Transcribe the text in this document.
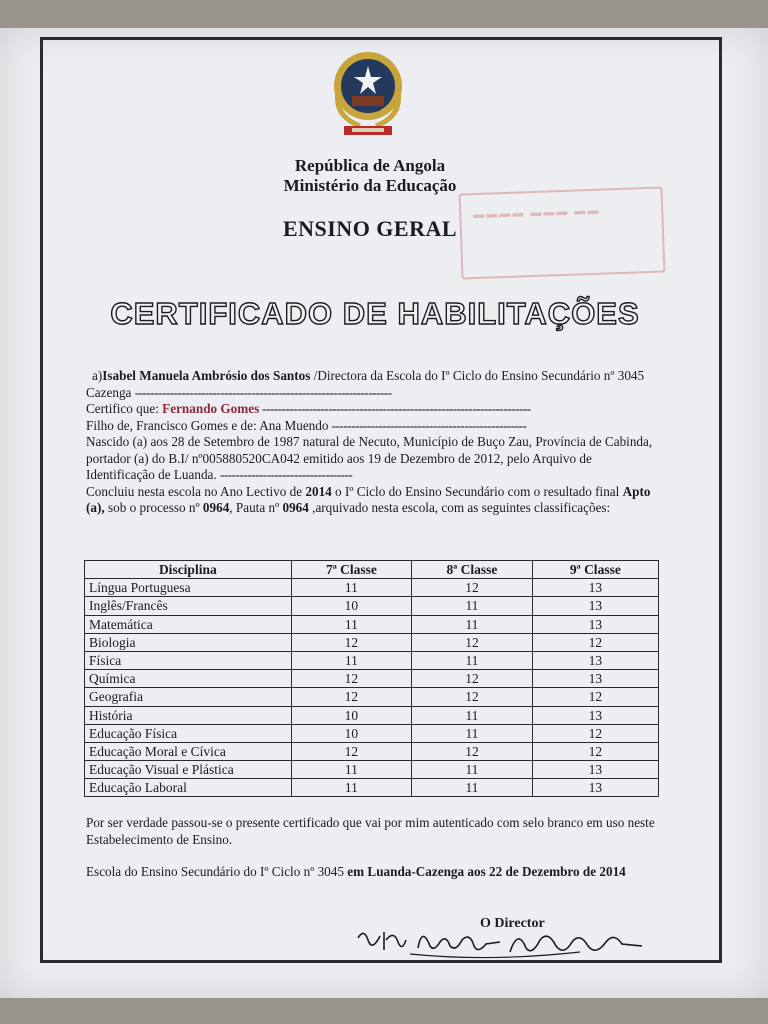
▬▬▬▬ ▬▬▬ ▬▬
República de Angola
Ministério da Educação
ENSINO GERAL
CERTIFICADO DE HABILITAÇÕES
a)Isabel Manuela Ambrósio dos Santos /Directora da Escola do Iº Ciclo do Ensino Secundário nº 3045 Cazenga ------------------------------------------------------------------
Certifico que: Fernando Gomes ---------------------------------------------------------------------
Filho de, Francisco Gomes e de: Ana Muendo --------------------------------------------------
Nascido (a) aos 28 de Setembro de 1987 natural de Necuto, Município de Buço Zau, Província de Cabinda, portador (a) do B.I/ nº005880520CA042 emitido aos 19 de Dezembro de 2012, pelo Arquivo de Identificação de Luanda. ----------------------------------
Concluiu nesta escola no Ano Lectivo de 2014 o Iº Ciclo do Ensino Secundário com o resultado final Apto (a), sob o processo nº 0964, Pauta nº 0964 ,arquivado nesta escola, com as seguintes classificações:
Disciplina	7ª Classe	8ª Classe	9ª Classe
Língua Portuguesa	11	12	13
Inglês/Francês	10	11	13
Matemática	11	11	13
Biologia	12	12	12
Física	11	11	13
Química	12	12	13
Geografia	12	12	12
História	10	11	13
Educação Física	10	11	12
Educação Moral e Cívica	12	12	12
Educação Visual e Plástica	11	11	13
Educação Laboral	11	11	13
Por ser verdade passou-se o presente certificado que vai por mim autenticado com selo branco em uso neste Estabelecimento de Ensino.
Escola do Ensino Secundário do Iº Ciclo nº 3045 em Luanda-Cazenga aos 22 de Dezembro de 2014
O Director
